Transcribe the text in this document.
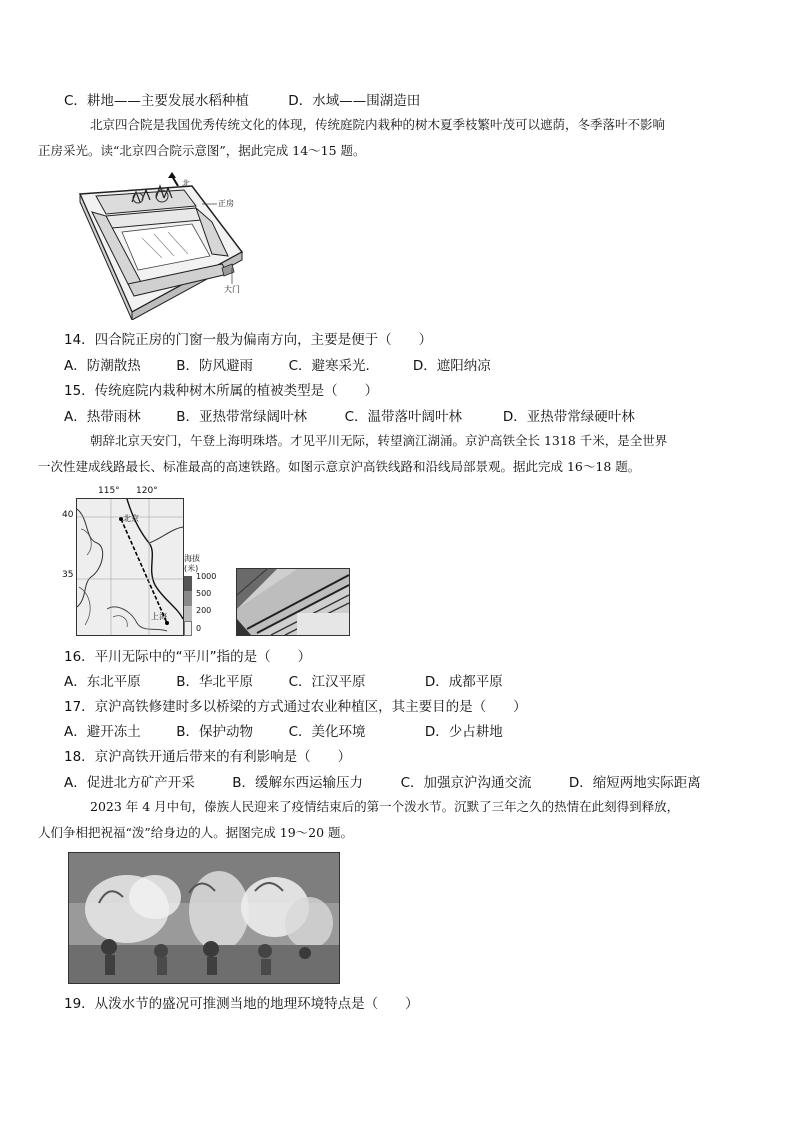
C．耕地——主要发展水稻种植	D．水域——围湖造田
北京四合院是我国优秀传统文化的体现，传统庭院内栽种的树木夏季枝繁叶茂可以遮荫，冬季落叶不影响
正房采光。读“北京四合院示意图”，据此完成 14～15 题。
北
正房
大门
14．四合院正房的门窗一般为偏南方向，主要是便于（　　）
A．防潮散热	B．防风避雨	C．避寒采光.	D．遮阳纳凉
15．传统庭院内栽种树木所属的植被类型是（　　）
A．热带雨林	B．亚热带常绿阔叶林	C．温带落叶阔叶林	D．亚热带常绿硬叶林
朝辞北京天安门，午登上海明珠塔。才见平川无际，转望滴江湖涌。京沪高铁全长 1318 千米，是全世界
一次性建成线路最长、标准最高的高速铁路。如图示意京沪高铁线路和沿线局部景观。据此完成 16～18 题。
115° 120°
40
35
北京
上海
海拔
(米)
1000
500
200
0
16．平川无际中的“平川”指的是（　　）
A．东北平原	B．华北平原	C．江汉平原	D．成都平原
17．京沪高铁修建时多以桥梁的方式通过农业种植区，其主要目的是（　　）
A．避开冻土	B．保护动物	C．美化环境	D．少占耕地
18．京沪高铁开通后带来的有利影响是（　　）
A．促进北方矿产开采	B．缓解东西运输压力	C．加强京沪沟通交流	D．缩短两地实际距离
2023 年 4 月中旬，傣族人民迎来了疫情结束后的第一个泼水节。沉默了三年之久的热情在此刻得到释放，
人们争相把祝福“泼”给身边的人。据图完成 19～20 题。
19．从泼水节的盛况可推测当地的地理环境特点是（　　）
